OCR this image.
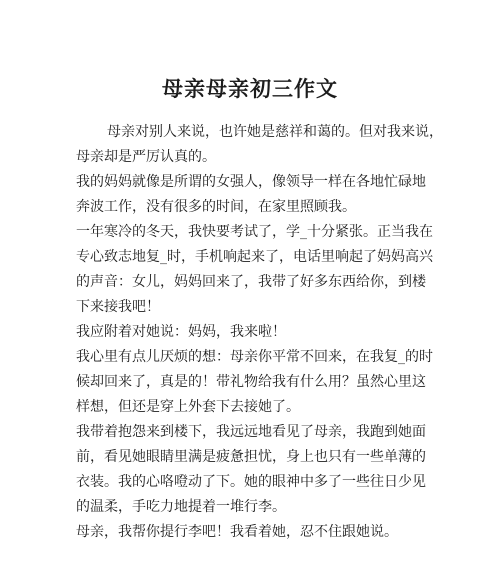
母亲母亲初三作文
母亲对别人来说，也许她是慈祥和蔼的。但对我来说，
母亲却是严厉认真的。
我的妈妈就像是所谓的女强人，像领导一样在各地忙碌地
奔波工作，没有很多的时间，在家里照顾我。
一年寒冷的冬天，我快要考试了，学_十分紧张。正当我在
专心致志地复_时，手机响起来了，电话里响起了妈妈高兴
的声音：女儿，妈妈回来了，我带了好多东西给你，到楼
下来接我吧！
我应附着对她说：妈妈，我来啦！
我心里有点儿厌烦的想：母亲你平常不回来，在我复_的时
候却回来了，真是的！带礼物给我有什么用？虽然心里这
样想，但还是穿上外套下去接她了。
我带着抱怨来到楼下，我远远地看见了母亲，我跑到她面
前，看见她眼睛里满是疲惫担忧，身上也只有一些单薄的
衣装。我的心咯噔动了下。她的眼神中多了一些往日少见
的温柔，手吃力地提着一堆行李。
母亲，我帮你提行李吧！我看着她，忍不住跟她说。
